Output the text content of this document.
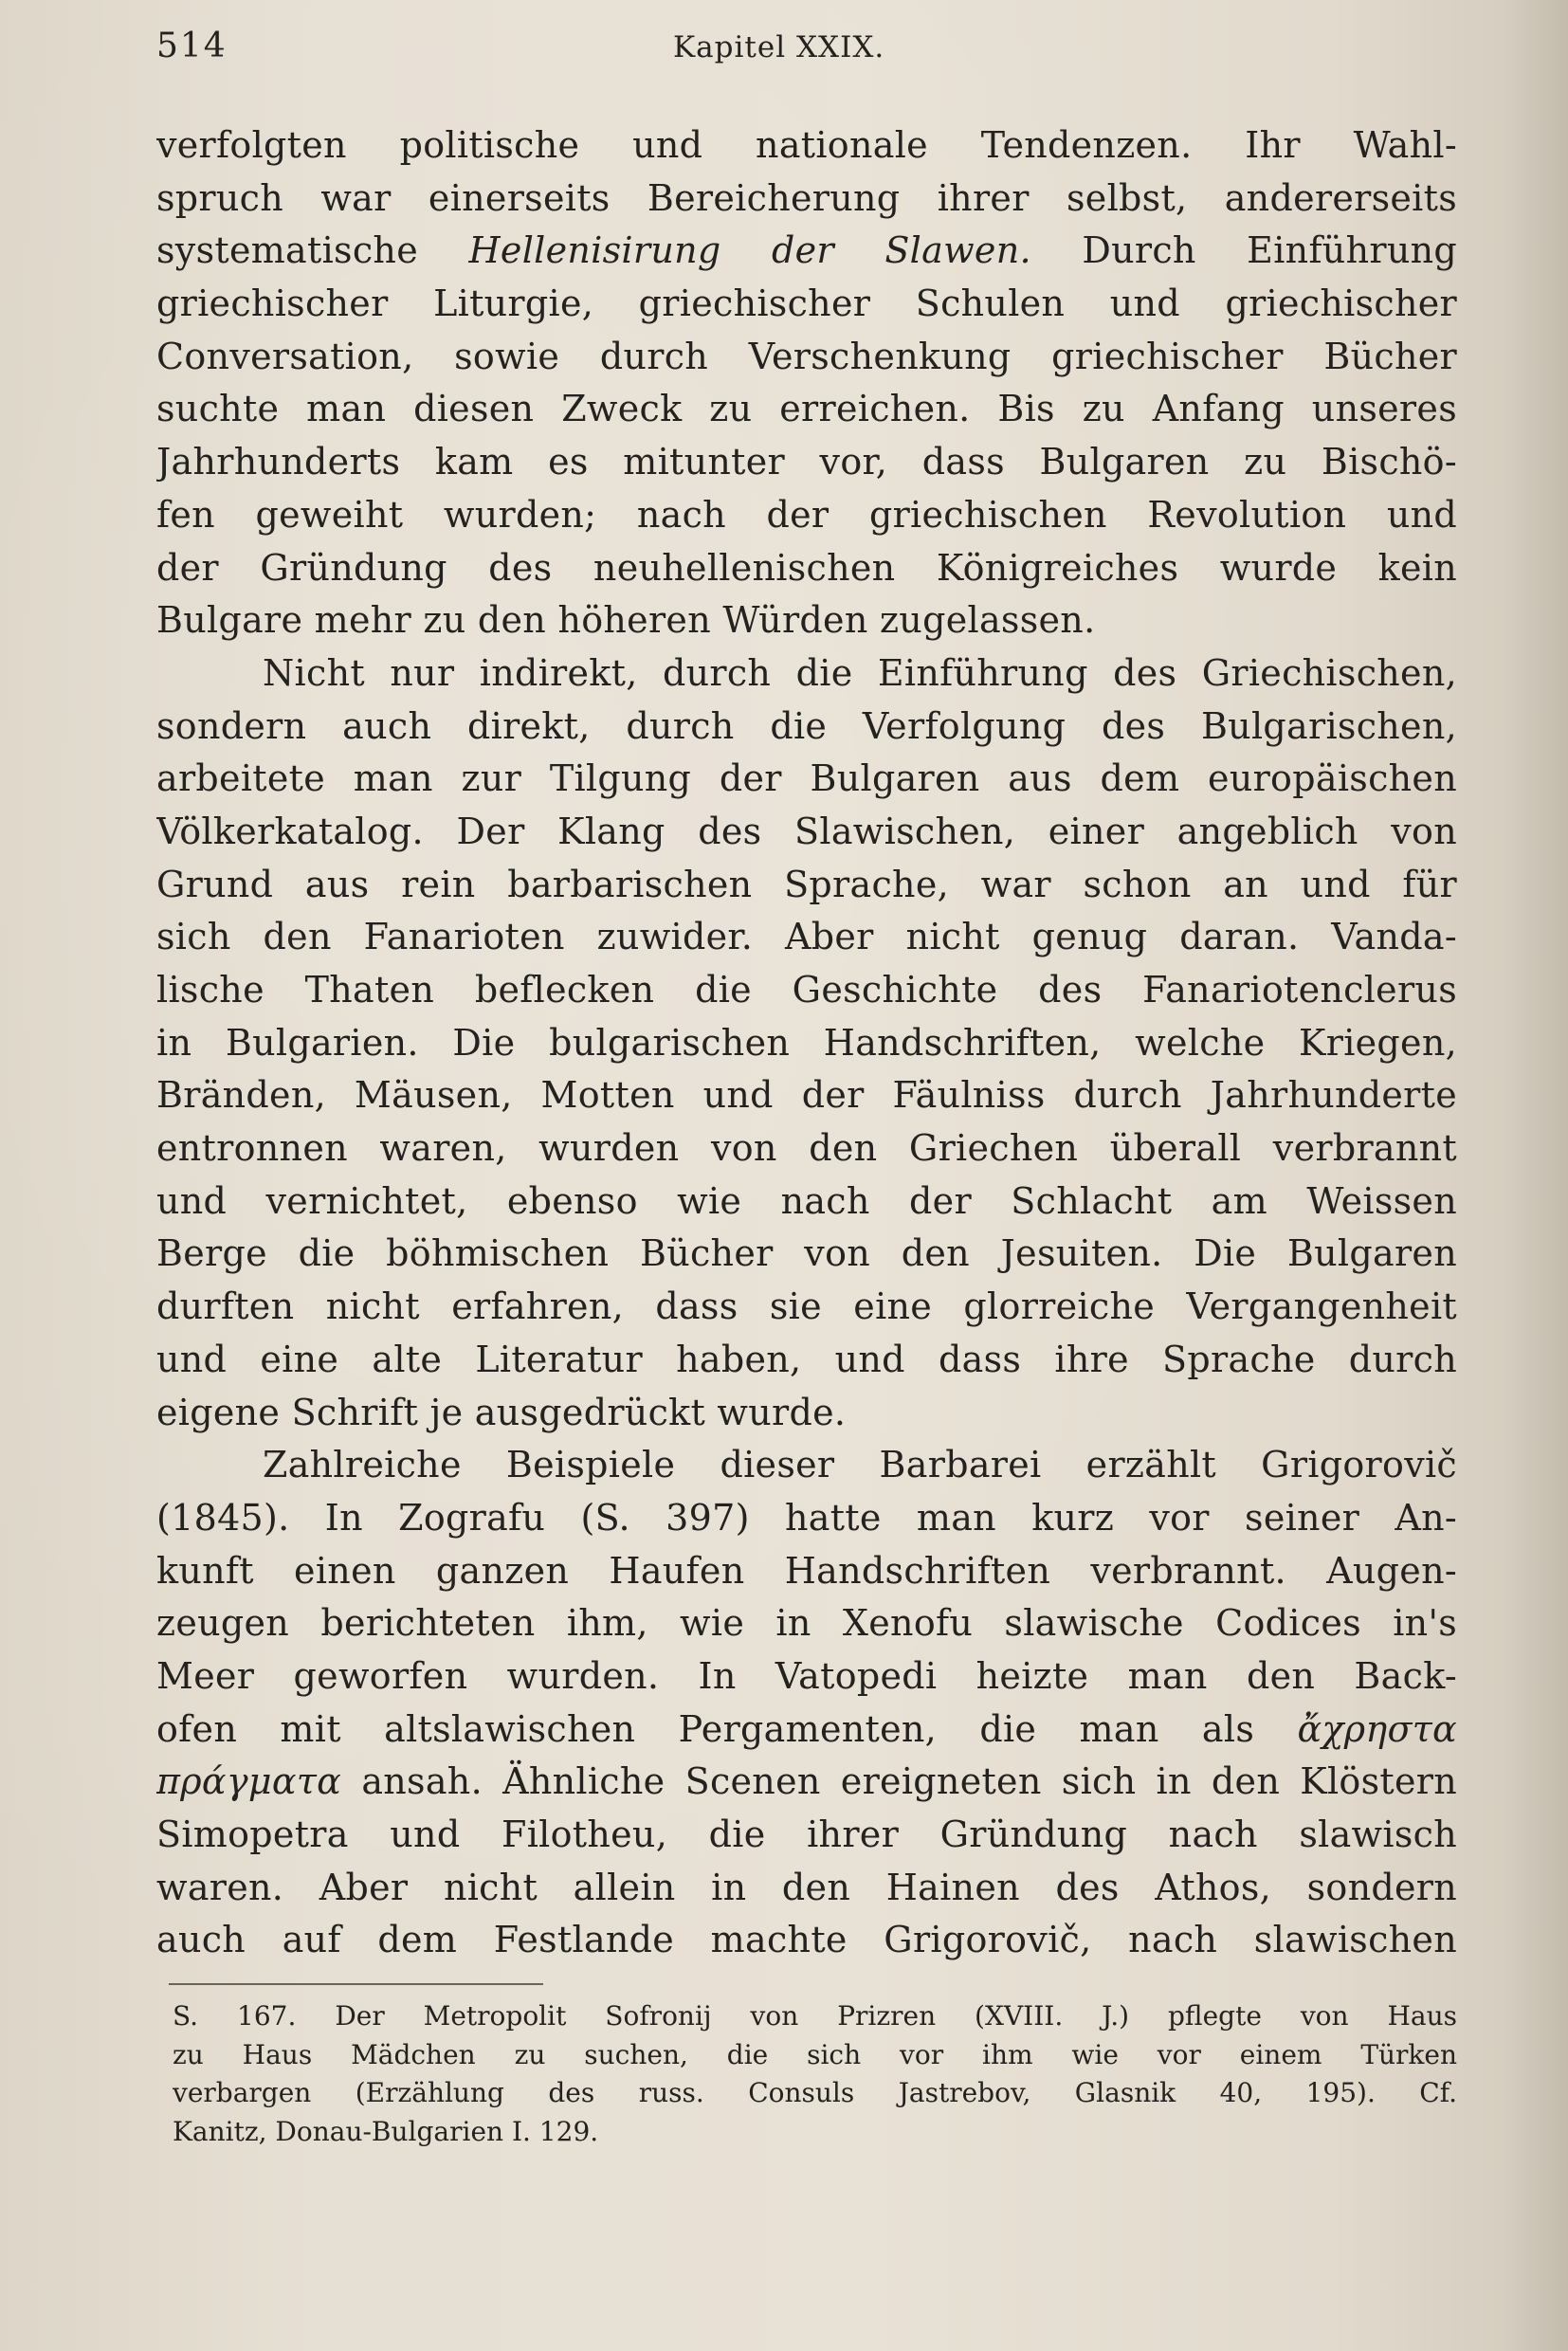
514	Kapitel XXIX.
verfolgten politische und nationale Tendenzen. Ihr Wahl-
spruch war einerseits Bereicherung ihrer selbst, andererseits
systematische Hellenisirung der Slawen. Durch Einführung
griechischer Liturgie, griechischer Schulen und griechischer
Conversation, sowie durch Verschenkung griechischer Bücher
suchte man diesen Zweck zu erreichen. Bis zu Anfang unseres
Jahrhunderts kam es mitunter vor, dass Bulgaren zu Bischö-
fen geweiht wurden; nach der griechischen Revolution und
der Gründung des neuhellenischen Königreiches wurde kein
Bulgare mehr zu den höheren Würden zugelassen.
Nicht nur indirekt, durch die Einführung des Griechischen,
sondern auch direkt, durch die Verfolgung des Bulgarischen,
arbeitete man zur Tilgung der Bulgaren aus dem europäischen
Völkerkatalog. Der Klang des Slawischen, einer angeblich von
Grund aus rein barbarischen Sprache, war schon an und für
sich den Fanarioten zuwider. Aber nicht genug daran. Vanda-
lische Thaten beflecken die Geschichte des Fanariotenclerus
in Bulgarien. Die bulgarischen Handschriften, welche Kriegen,
Bränden, Mäusen, Motten und der Fäulniss durch Jahrhunderte
entronnen waren, wurden von den Griechen überall verbrannt
und vernichtet, ebenso wie nach der Schlacht am Weissen
Berge die böhmischen Bücher von den Jesuiten. Die Bulgaren
durften nicht erfahren, dass sie eine glorreiche Vergangenheit
und eine alte Literatur haben, und dass ihre Sprache durch
eigene Schrift je ausgedrückt wurde.
Zahlreiche Beispiele dieser Barbarei erzählt Grigorovič
(1845). In Zografu (S. 397) hatte man kurz vor seiner An-
kunft einen ganzen Haufen Handschriften verbrannt. Augen-
zeugen berichteten ihm, wie in Xenofu slawische Codices in's
Meer geworfen wurden. In Vatopedi heizte man den Back-
ofen mit altslawischen Pergamenten, die man als ἄχρηστα
πράγματα ansah. Ähnliche Scenen ereigneten sich in den Klöstern
Simopetra und Filotheu, die ihrer Gründung nach slawisch
waren. Aber nicht allein in den Hainen des Athos, sondern
auch auf dem Festlande machte Grigorovič, nach slawischen
S. 167. Der Metropolit Sofronij von Prizren (XVIII. J.) pflegte von Haus
zu Haus Mädchen zu suchen, die sich vor ihm wie vor einem Türken
verbargen (Erzählung des russ. Consuls Jastrebov, Glasnik 40, 195). Cf.
Kanitz, Donau-Bulgarien I. 129.
